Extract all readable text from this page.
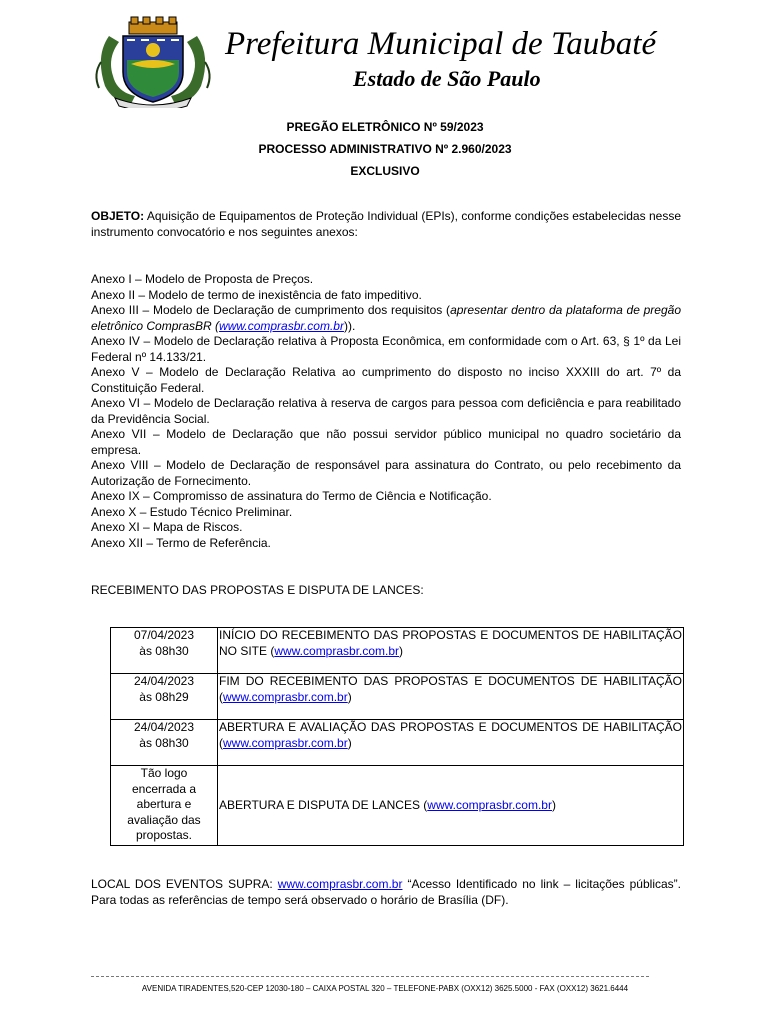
Prefeitura Municipal de Taubaté
Estado de São Paulo
PREGÃO ELETRÔNICO Nº 59/2023
PROCESSO ADMINISTRATIVO Nº 2.960/2023
EXCLUSIVO
OBJETO: Aquisição de Equipamentos de Proteção Individual (EPIs), conforme condições estabelecidas nesse instrumento convocatório e nos seguintes anexos:

Anexo I – Modelo de Proposta de Preços.

Anexo II – Modelo de termo de inexistência de fato impeditivo.

Anexo III – Modelo de Declaração de cumprimento dos requisitos (apresentar dentro da plataforma de pregão eletrônico ComprasBR (www.comprasbr.com.br)).

Anexo IV – Modelo de Declaração relativa à Proposta Econômica, em conformidade com o Art. 63, § 1º da Lei Federal nº 14.133/21.

Anexo V – Modelo de Declaração Relativa ao cumprimento do disposto no inciso XXXIII do art. 7º da Constituição Federal.

Anexo VI – Modelo de Declaração relativa à reserva de cargos para pessoa com deficiência e para reabilitado da Previdência Social.

Anexo VII – Modelo de Declaração que não possui servidor público municipal no quadro societário da empresa.

Anexo VIII – Modelo de Declaração de responsável para assinatura do Contrato, ou pelo recebimento da Autorização de Fornecimento.

Anexo IX – Compromisso de assinatura do Termo de Ciência e Notificação.

Anexo X – Estudo Técnico Preliminar.

Anexo XI – Mapa de Riscos.

Anexo XII – Termo de Referência.

RECEBIMENTO DAS PROPOSTAS E DISPUTA DE LANCES:
07/04/2023
às 08h30	INÍCIO DO RECEBIMENTO DAS PROPOSTAS E DOCUMENTOS DE HABILITAÇÃO NO SITE (www.comprasbr.com.br)

24/04/2023
às 08h29	FIM DO RECEBIMENTO DAS PROPOSTAS E DOCUMENTOS DE HABILITAÇÃO (www.comprasbr.com.br)

24/04/2023
às 08h30	ABERTURA E AVALIAÇÃO DAS PROPOSTAS E DOCUMENTOS DE HABILITAÇÃO (www.comprasbr.com.br)
Tão logo encerrada a abertura e avaliação das propostas.	ABERTURA E DISPUTA DE LANCES (www.comprasbr.com.br)
LOCAL DOS EVENTOS SUPRA: www.comprasbr.com.br “Acesso Identificado no link – licitações públicas”. Para todas as referências de tempo será observado o horário de Brasília (DF).
AVENIDA TIRADENTES,520-CEP 12030-180 – CAIXA POSTAL 320 – TELEFONE-PABX (OXX12) 3625.5000 - FAX (OXX12) 3621.6444
